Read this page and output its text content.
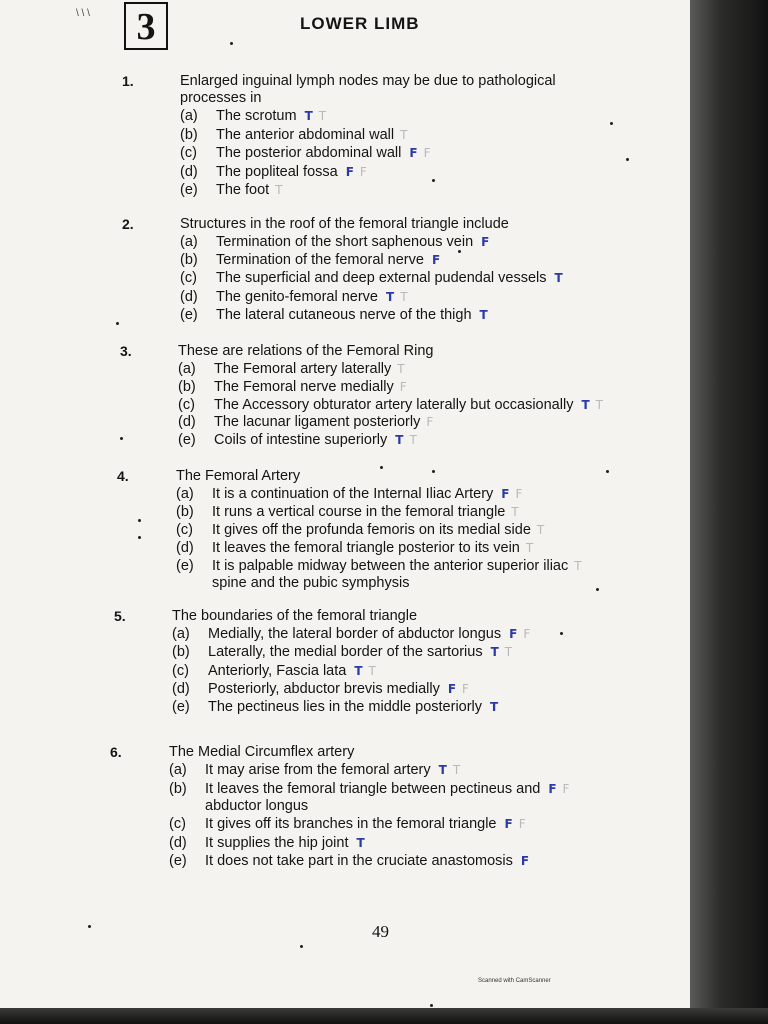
\ \ \	3	LOWER LIMB
1.	Enlarged inguinal lymph nodes may be due to pathological
processes in
(a) The scrotum T T
(b) The anterior abdominal wall T
(c) The posterior abdominal wall F F
(d) The popliteal fossa F F
(e) The foot T
2.	Structures in the roof of the femoral triangle include
(a) Termination of the short saphenous vein F
(b) Termination of the femoral nerve F
(c) The superficial and deep external pudendal vessels T
(d) The genito-femoral nerve T T
(e) The lateral cutaneous nerve of the thigh T
3.	These are relations of the Femoral Ring
(a) The Femoral artery laterally T
(b) The Femoral nerve medially F
(c) The Accessory obturator artery laterally but occasionally T T
(d) The lacunar ligament posteriorly F
(e) Coils of intestine superiorly T T
4.	The Femoral Artery
(a) It is a continuation of the Internal Iliac Artery F F
(b) It runs a vertical course in the femoral triangle T
(c) It gives off the profunda femoris on its medial side T
(d) It leaves the femoral triangle posterior to its vein T
(e) It is palpable midway between the anterior superior iliac T
spine and the pubic symphysis
5.	The boundaries of the femoral triangle
(a) Medially, the lateral border of abductor longus F F
(b) Laterally, the medial border of the sartorius T T
(c) Anteriorly, Fascia lata T T
(d) Posteriorly, abductor brevis medially F F
(e) The pectineus lies in the middle posteriorly T
6.	The Medial Circumflex artery
(a) It may arise from the femoral artery T T
(b) It leaves the femoral triangle between pectineus and F F
abductor longus
(c) It gives off its branches in the femoral triangle F F
(d) It supplies the hip joint T
(e) It does not take part in the cruciate anastomosis F
49
Scanned with CamScanner
